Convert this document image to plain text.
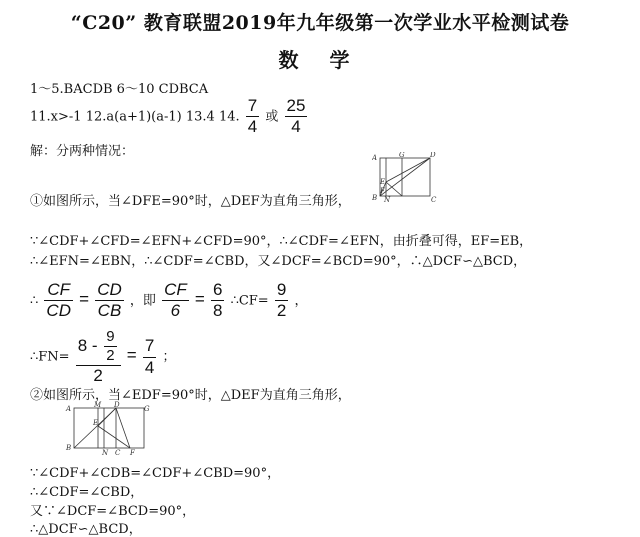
“C20” 教育联盟2019年九年级第一次学业水平检测试卷
数 学
1～5.BACDB 6～10 CDBCA
11.x>-1 12.a(a+1)(a-1) 13.4 14. $\frac{7}{4}$ 或 $\frac{25}{4}$
解：分两种情况：	A	G	D
E
F
B N	C
①如图所示，当∠DFE=90°时，△DEF为直角三角形，
∵∠CDF+∠CFD=∠EFN+∠CFD=90°，∴∠CDF=∠EFN，由折叠可得，EF=EB，
∴∠EFN=∠EBN，∴∠CDF=∠CBD，又∠DCF=∠BCD=90°，∴△DCF∽△BCD，
∴ $\frac{CF}{CD} = \frac{CD}{CB}$ ，即 $\frac{CF}{6} = \frac{6}{8}$ ∴CF= $\frac{9}{2}$ ，
∴FN= $\frac{8 - \frac{9}{2}}{2} = \frac{7}{4}$ ；
②如图所示，当∠EDF=90°时，△DEF为直角三角形，
A	M D	G
E
B
N C F
∵∠CDF+∠CDB=∠CDF+∠CBD=90°，
∴∠CDF=∠CBD，
又∵∠DCF=∠BCD=90°，
∴△DCF∽△BCD，
